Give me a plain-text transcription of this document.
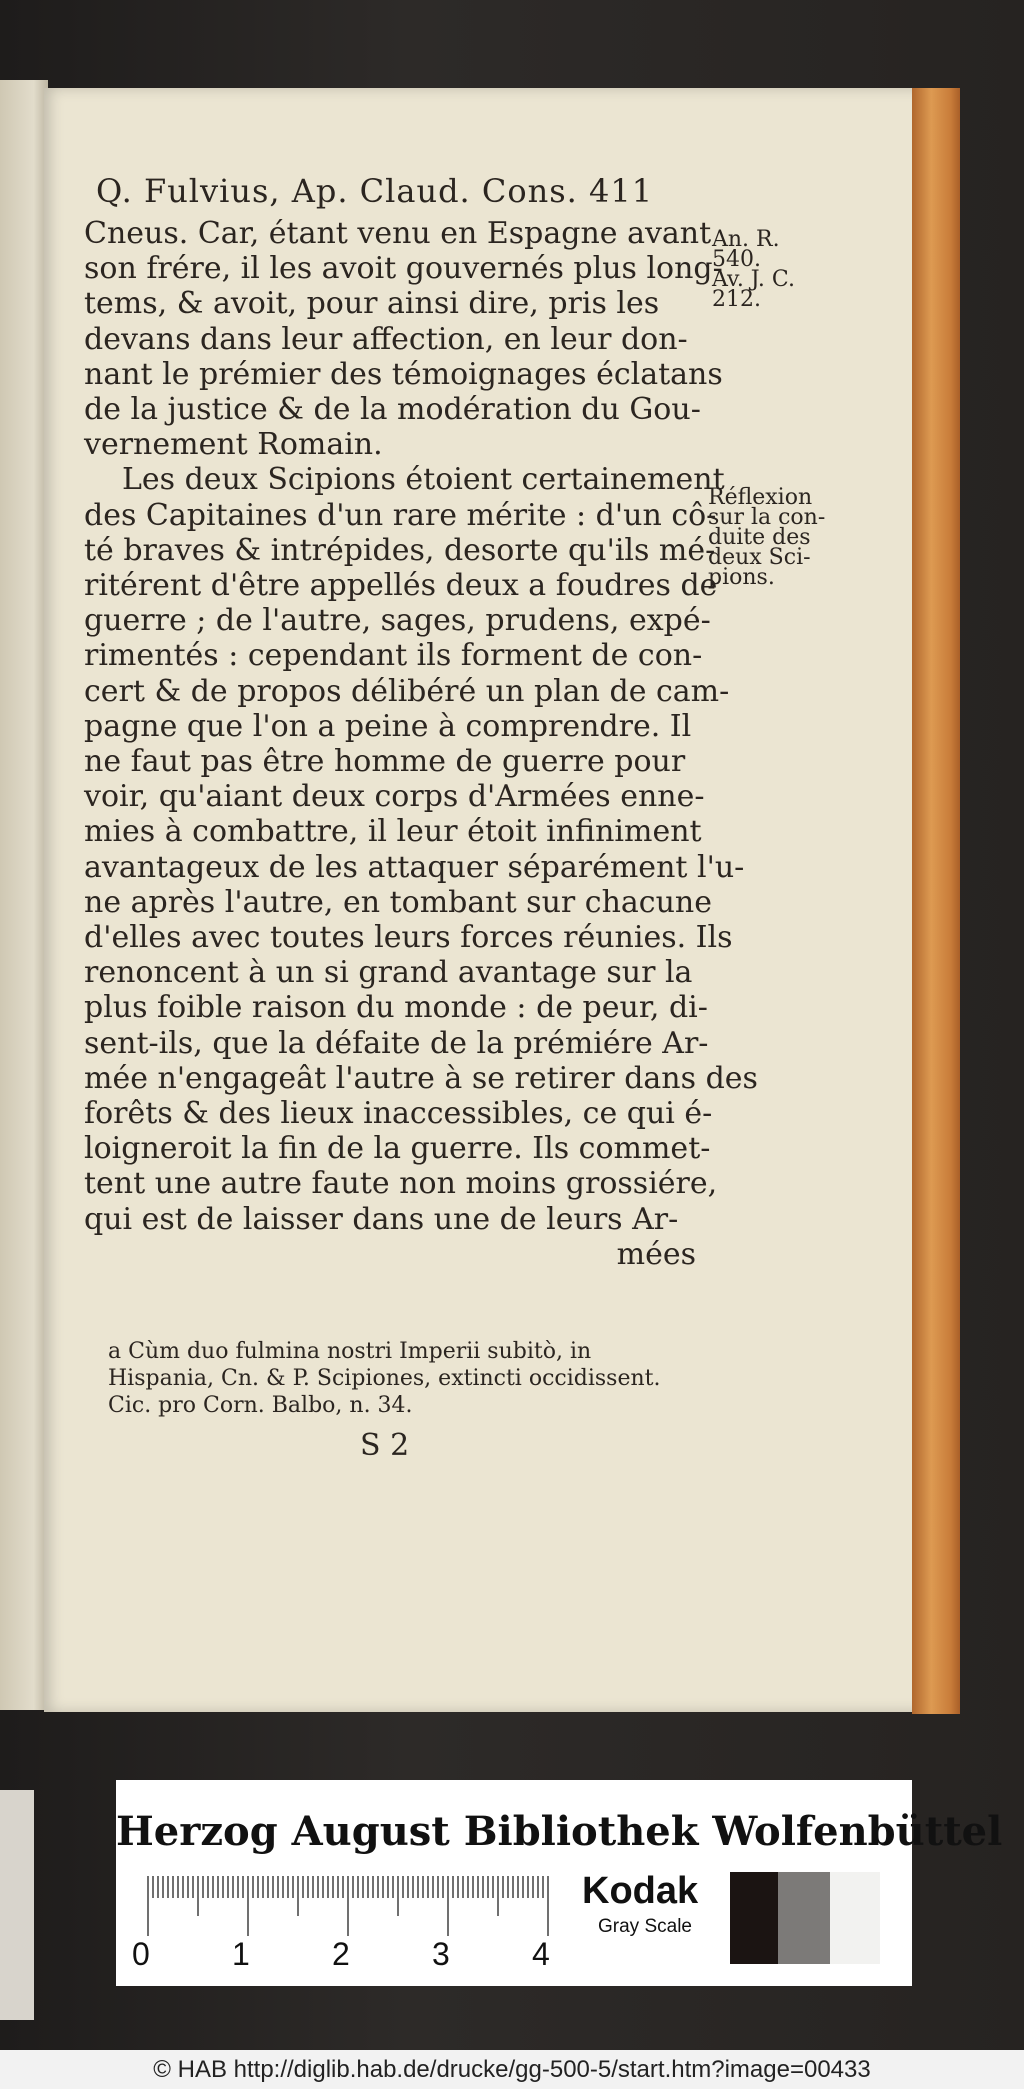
Q. Fulvius, Ap. Claud. Cons. 411
Cneus. Car, étant venu en Espagne avant
son frére, il les avoit gouvernés plus long-
tems, & avoit, pour ainsi dire, pris les
devans dans leur affection, en leur don-
nant le prémier des témoignages éclatans
de la justice & de la modération du Gou-
vernement Romain.
Les deux Scipions étoient certainement
des Capitaines d'un rare mérite : d'un cô-
té braves & intrépides, desorte qu'ils mé-
ritérent d'être appellés deux a foudres de
guerre ; de l'autre, sages, prudens, expé-
rimentés : cependant ils forment de con-
cert & de propos délibéré un plan de cam-
pagne que l'on a peine à comprendre. Il
ne faut pas être homme de guerre pour
voir, qu'aiant deux corps d'Armées enne-
mies à combattre, il leur étoit infiniment
avantageux de les attaquer séparément l'u-
ne après l'autre, en tombant sur chacune
d'elles avec toutes leurs forces réunies. Ils
renoncent à un si grand avantage sur la
plus foible raison du monde : de peur, di-
sent-ils, que la défaite de la prémiére Ar-
mée n'engageât l'autre à se retirer dans des
forêts & des lieux inaccessibles, ce qui é-
loigneroit la fin de la guerre. Ils commet-
tent une autre faute non moins grossiére,
qui est de laisser dans une de leurs Ar-
mées
An. R.
540.
Av. J. C.
212.
Réflexion
sur la con-
duite des
deux Sci-
pions.
a Cùm duo fulmina nostri Imperii subitò, in
Hispania, Cn. & P. Scipiones, extincti occidissent.
Cic. pro Corn. Balbo, n. 34.
S 2
Herzog August Bibliothek Wolfenbüttel
0	1	2	3	4
Kodak
Gray Scale
© HAB http://diglib.hab.de/drucke/gg-500-5/start.htm?image=00433
